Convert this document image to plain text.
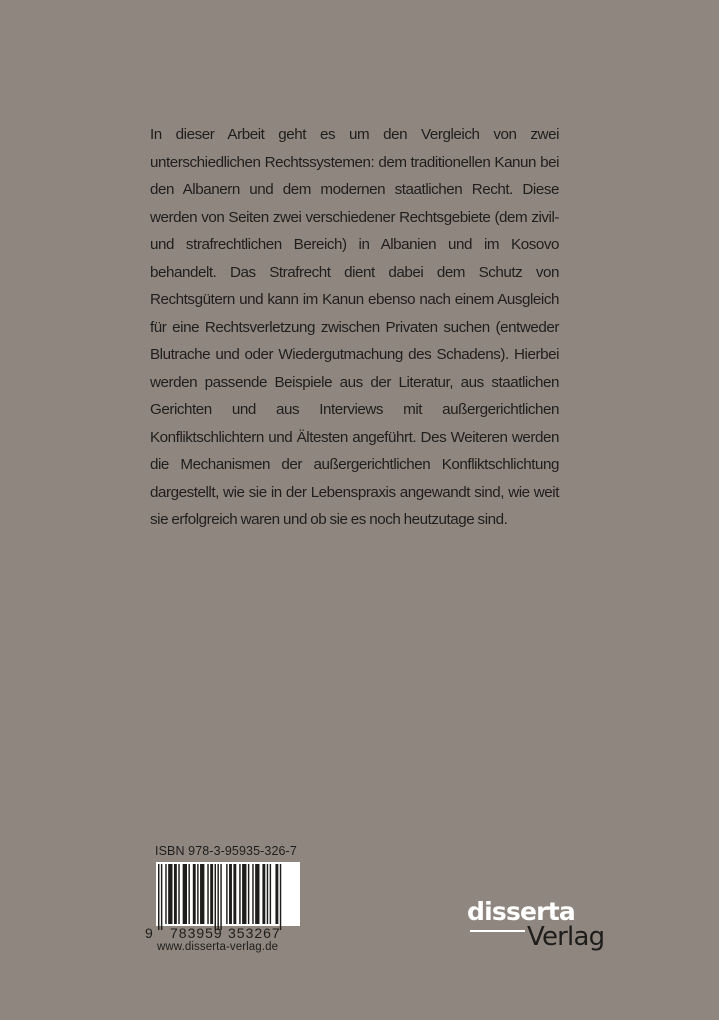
In dieser Arbeit geht es um den Vergleich von zwei unterschiedlichen Rechtssystemen: dem traditionellen Kanun bei den Albanern und dem modernen staatlichen Recht. Diese werden von Seiten zwei verschiedener Rechtsgebiete (dem zivil- und strafrechtlichen Bereich) in Albanien und im Kosovo behandelt. Das Strafrecht dient dabei dem Schutz von Rechtsgütern und kann im Kanun ebenso nach einem Ausgleich für eine Rechtsverletzung zwischen Privaten suchen (entweder Blutrache und oder Wiedergutmachung des Schadens). Hierbei werden passende Beispiele aus der Literatur, aus staatlichen Gerichten und aus Interviews mit außergerichtlichen Konfliktschlichtern und Ältesten angeführt. Des Weiteren werden die Mechanismen der außergerichtlichen Konfliktschlichtung dargestellt, wie sie in der Lebenspraxis angewandt sind, wie weit sie erfolgreich waren und ob sie es noch heutzutage sind.

ISBN 978-3-95935-326-7
9 783959 353267
www.disserta-verlag.de
disserta
Verlag
